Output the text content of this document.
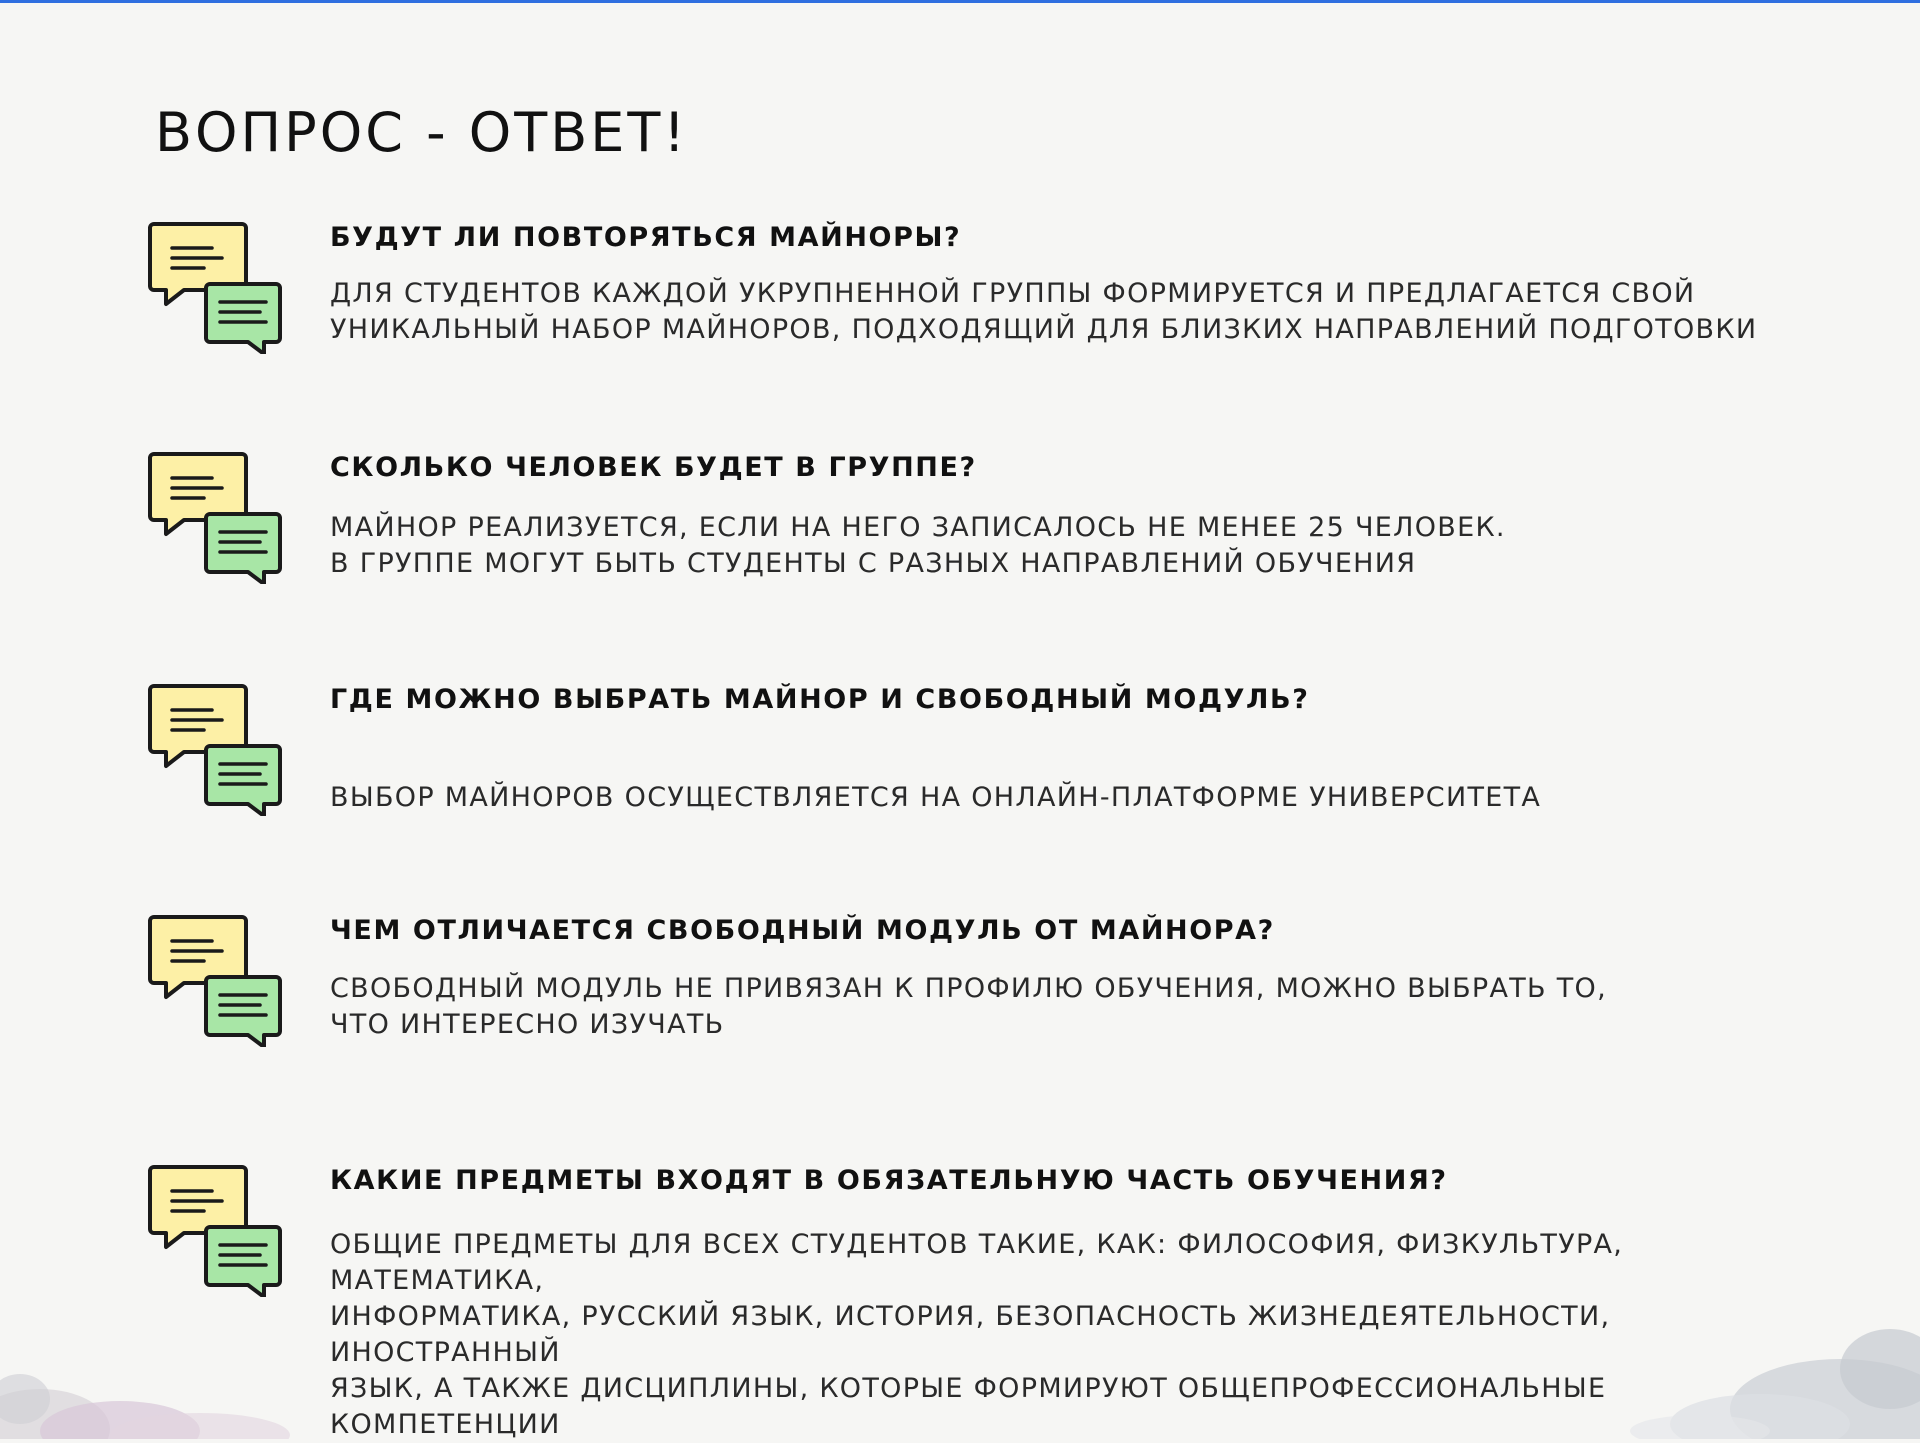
ВОПРОС - ОТВЕТ!

БУДУТ ЛИ ПОВТОРЯТЬСЯ МАЙНОРЫ?

ДЛЯ СТУДЕНТОВ КАЖДОЙ УКРУПНЕННОЙ ГРУППЫ ФОРМИРУЕТСЯ И ПРЕДЛАГАЕТСЯ СВОЙ
УНИКАЛЬНЫЙ НАБОР МАЙНОРОВ, ПОДХОДЯЩИЙ ДЛЯ БЛИЗКИХ НАПРАВЛЕНИЙ ПОДГОТОВКИ

СКОЛЬКО ЧЕЛОВЕК БУДЕТ В ГРУППЕ?

МАЙНОР РЕАЛИЗУЕТСЯ, ЕСЛИ НА НЕГО ЗАПИСАЛОСЬ НЕ МЕНЕЕ 25 ЧЕЛОВЕК.
В ГРУППЕ МОГУТ БЫТЬ СТУДЕНТЫ С РАЗНЫХ НАПРАВЛЕНИЙ ОБУЧЕНИЯ

ГДЕ МОЖНО ВЫБРАТЬ МАЙНОР И СВОБОДНЫЙ МОДУЛЬ?

ВЫБОР МАЙНОРОВ ОСУЩЕСТВЛЯЕТСЯ НА ОНЛАЙН-ПЛАТФОРМЕ УНИВЕРСИТЕТА

ЧЕМ ОТЛИЧАЕТСЯ СВОБОДНЫЙ МОДУЛЬ ОТ МАЙНОРА?

СВОБОДНЫЙ МОДУЛЬ НЕ ПРИВЯЗАН К ПРОФИЛЮ ОБУЧЕНИЯ, МОЖНО ВЫБРАТЬ ТО,
ЧТО ИНТЕРЕСНО ИЗУЧАТЬ

КАКИЕ ПРЕДМЕТЫ ВХОДЯТ В ОБЯЗАТЕЛЬНУЮ ЧАСТЬ ОБУЧЕНИЯ?

ОБЩИЕ ПРЕДМЕТЫ ДЛЯ ВСЕХ СТУДЕНТОВ ТАКИЕ, КАК: ФИЛОСОФИЯ, ФИЗКУЛЬТУРА, МАТЕМАТИКА,
ИНФОРМАТИКА, РУССКИЙ ЯЗЫК, ИСТОРИЯ, БЕЗОПАСНОСТЬ ЖИЗНЕДЕЯТЕЛЬНОСТИ, ИНОСТРАННЫЙ
ЯЗЫК, А ТАКЖЕ ДИСЦИПЛИНЫ, КОТОРЫЕ ФОРМИРУЮТ ОБЩЕПРОФЕССИОНАЛЬНЫЕ КОМПЕТЕНЦИИ
